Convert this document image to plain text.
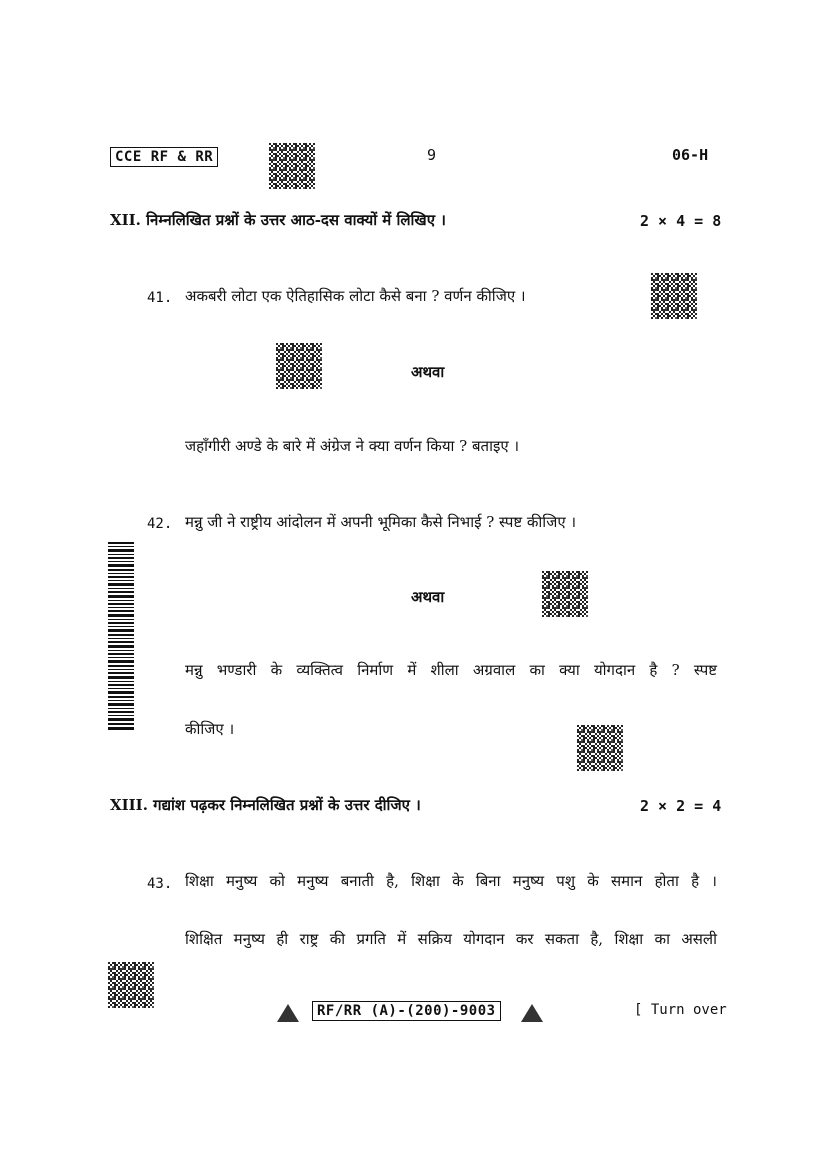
CCE RF & RR	9	06-H
XII. निम्नलिखित प्रश्नों के उत्तर आठ-दस वाक्यों में लिखिए ।	2 × 4 = 8
41. अकबरी लोटा एक ऐतिहासिक लोटा कैसे बना ? वर्णन कीजिए ।
अथवा
जहाँगीरी अण्डे के बारे में अंग्रेज ने क्या वर्णन किया ? बताइए ।
42. मन्नु जी ने राष्ट्रीय आंदोलन में अपनी भूमिका कैसे निभाई ? स्पष्ट कीजिए ।
अथवा
मन्नु भण्डारी के व्यक्तित्व निर्माण में शीला अग्रवाल का क्या योगदान है ? स्पष्ट
कीजिए ।
XIII. गद्यांश पढ़कर निम्नलिखित प्रश्नों के उत्तर दीजिए ।	2 × 2 = 4
43. शिक्षा मनुष्य को मनुष्य बनाती है, शिक्षा के बिना मनुष्य पशु के समान होता है ।
शिक्षित मनुष्य ही राष्ट्र की प्रगति में सक्रिय योगदान कर सकता है, शिक्षा का असली
RF/RR (A)-(200)-9003	[ Turn over
